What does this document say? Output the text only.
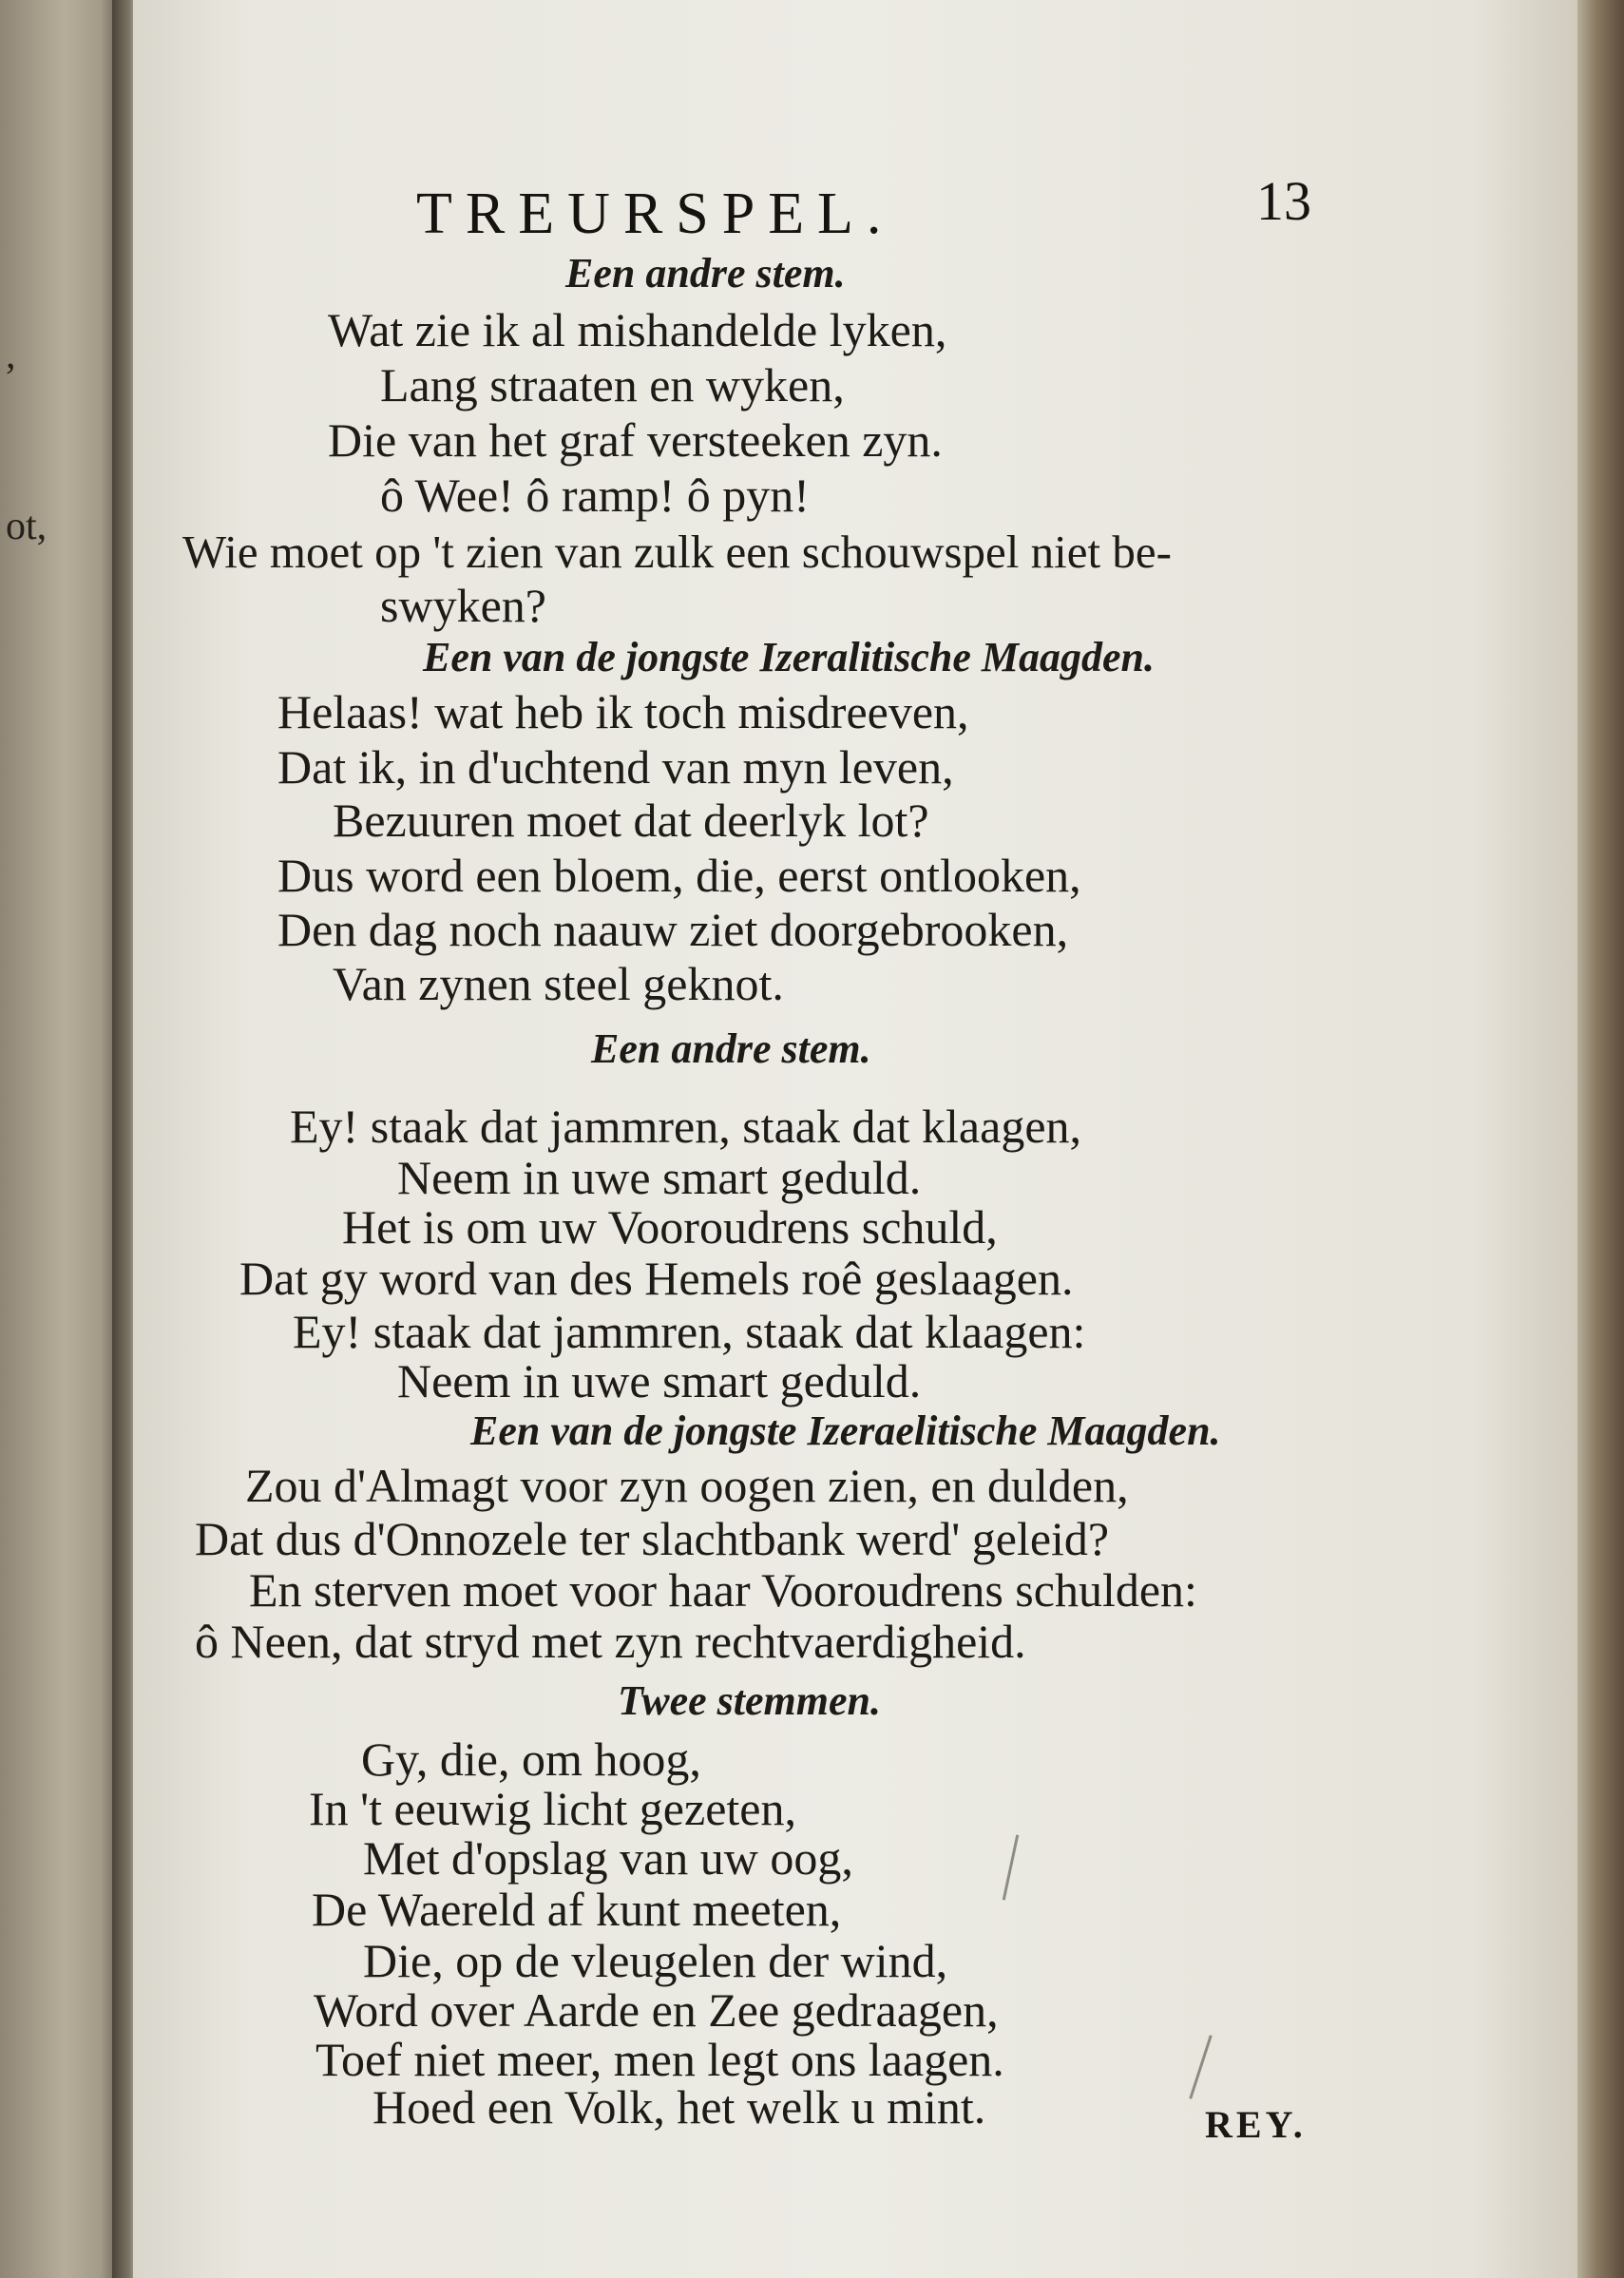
,
ot,
TREURSPEL.	13
Een andre stem.
Wat zie ik al mishandelde lyken,
Lang straaten en wyken,
Die van het graf versteeken zyn.
ô Wee! ô ramp! ô pyn!
Wie moet op 't zien van zulk een schouwspel niet be-
swyken?
Een van de jongste Izeralitische Maagden.
Helaas! wat heb ik toch misdreeven,
Dat ik, in d'uchtend van myn leven,
Bezuuren moet dat deerlyk lot?
Dus word een bloem, die, eerst ontlooken,
Den dag noch naauw ziet doorgebrooken,
Van zynen steel geknot.
Een andre stem.
Ey! staak dat jammren, staak dat klaagen,
Neem in uwe smart geduld.
Het is om uw Vooroudrens schuld,
Dat gy word van des Hemels roê geslaagen.
Ey! staak dat jammren, staak dat klaagen:
Neem in uwe smart geduld.
Een van de jongste Izeraelitische Maagden.
Zou d'Almagt voor zyn oogen zien, en dulden,
Dat dus d'Onnozele ter slachtbank werd' geleid?
En sterven moet voor haar Vooroudrens schulden:
ô Neen, dat stryd met zyn rechtvaerdigheid.
Twee stemmen.
Gy, die, om hoog,
In 't eeuwig licht gezeten,
Met d'opslag van uw oog,
De Waereld af kunt meeten,
Die, op de vleugelen der wind,
Word over Aarde en Zee gedraagen,
Toef niet meer, men legt ons laagen.
Hoed een Volk, het welk u mint.	REY.
